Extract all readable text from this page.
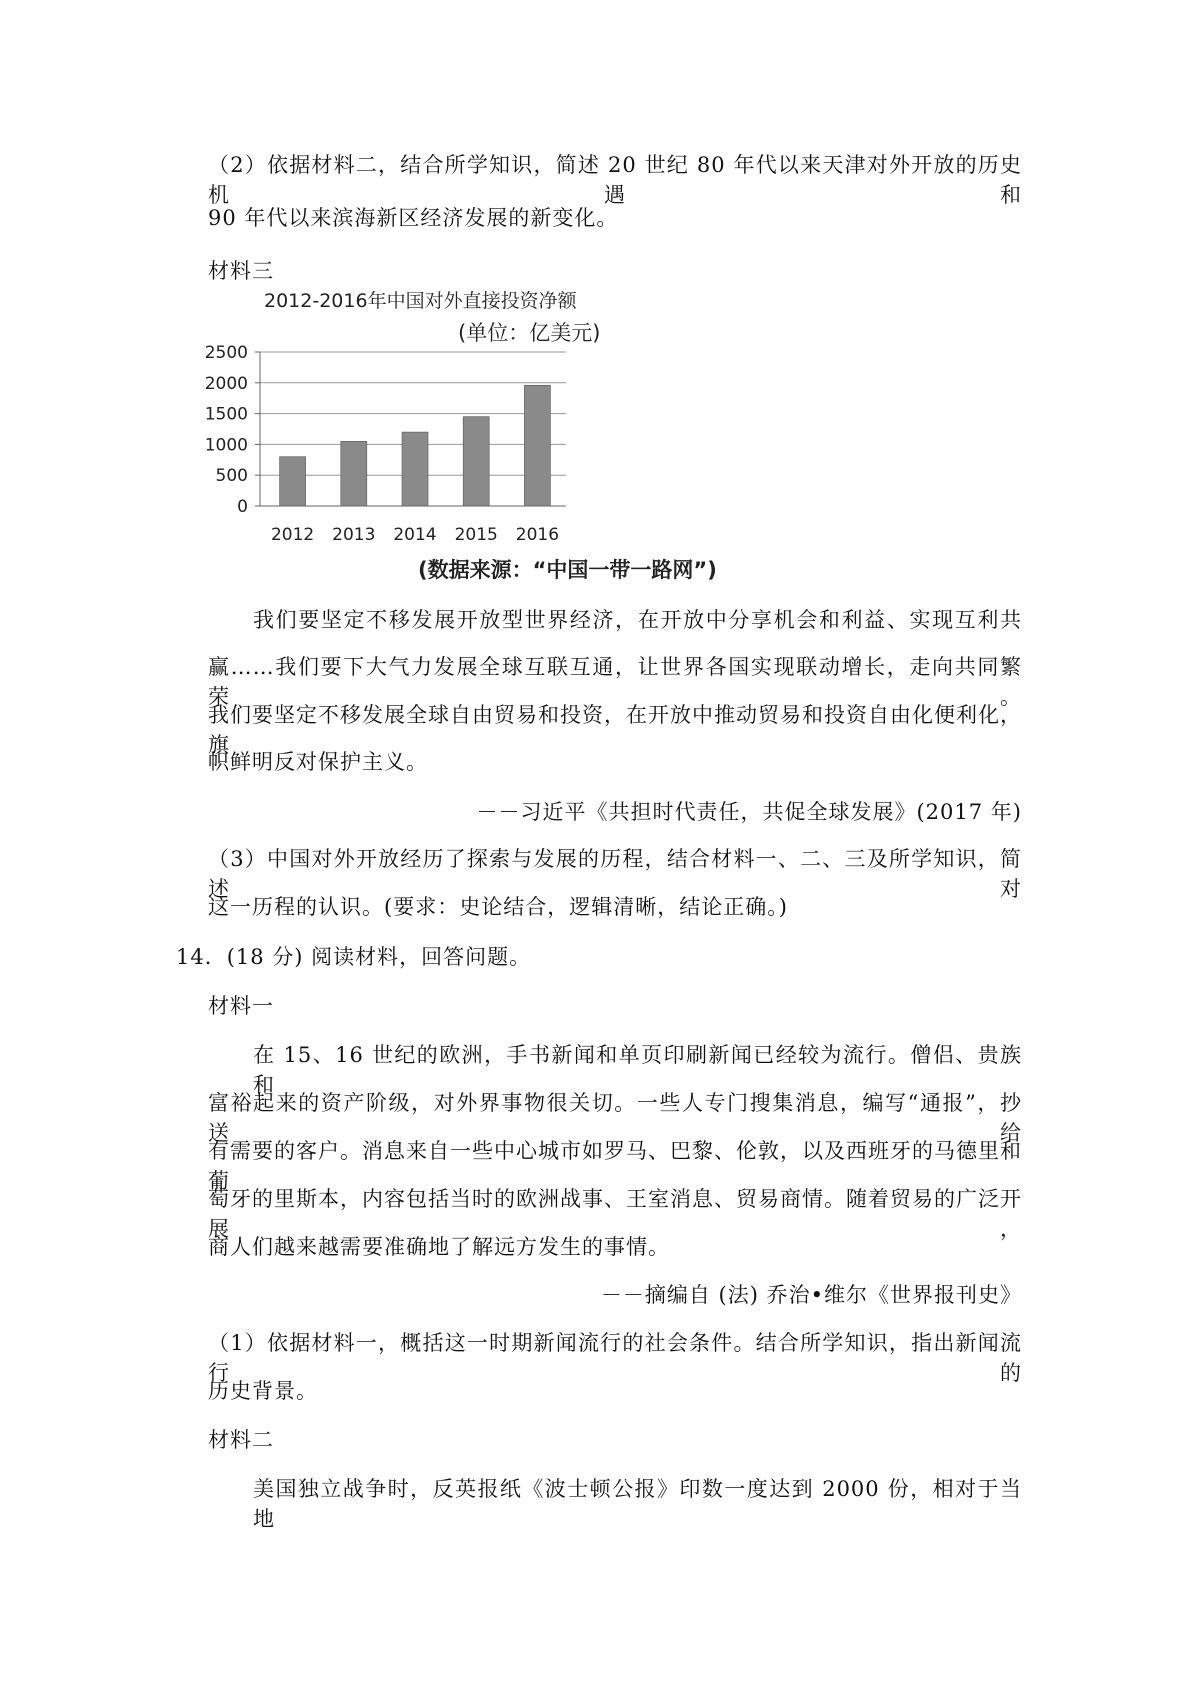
（2）依据材料二，结合所学知识，简述 20 世纪 80 年代以来天津对外开放的历史机遇和
90 年代以来滨海新区经济发展的新变化。
材料三
2012-2016年中国对外直接投资净额
(单位：亿美元)
0
500
1000
1500
2000
2500
2012 2013 2014 2015 2016
(数据来源：“中国一带一路网”)
我们要坚定不移发展开放型世界经济，在开放中分享机会和利益、实现互利共
赢……我们要下大气力发展全球互联互通，让世界各国实现联动增长，走向共同繁荣。
我们要坚定不移发展全球自由贸易和投资，在开放中推动贸易和投资自由化便利化，旗
帜鲜明反对保护主义。
－－习近平《共担时代责任，共促全球发展》(2017 年)
（3）中国对外开放经历了探索与发展的历程，结合材料一、二、三及所学知识，简述对
这一历程的认识。(要求：史论结合，逻辑清晰，结论正确。)
14．(18 分) 阅读材料，回答问题。
材料一
在 15、16 世纪的欧洲，手书新闻和单页印刷新闻已经较为流行。僧侣、贵族和
富裕起来的资产阶级，对外界事物很关切。一些人专门搜集消息，编写“通报”，抄送给
有需要的客户。消息来自一些中心城市如罗马、巴黎、伦敦，以及西班牙的马德里和葡
萄牙的里斯本，内容包括当时的欧洲战事、王室消息、贸易商情。随着贸易的广泛开展，
商人们越来越需要准确地了解远方发生的事情。
－－摘编自 (法) 乔治•维尔《世界报刊史》
（1）依据材料一，概括这一时期新闻流行的社会条件。结合所学知识，指出新闻流行的
历史背景。
材料二
美国独立战争时，反英报纸《波士顿公报》印数一度达到 2000 份，相对于当地
